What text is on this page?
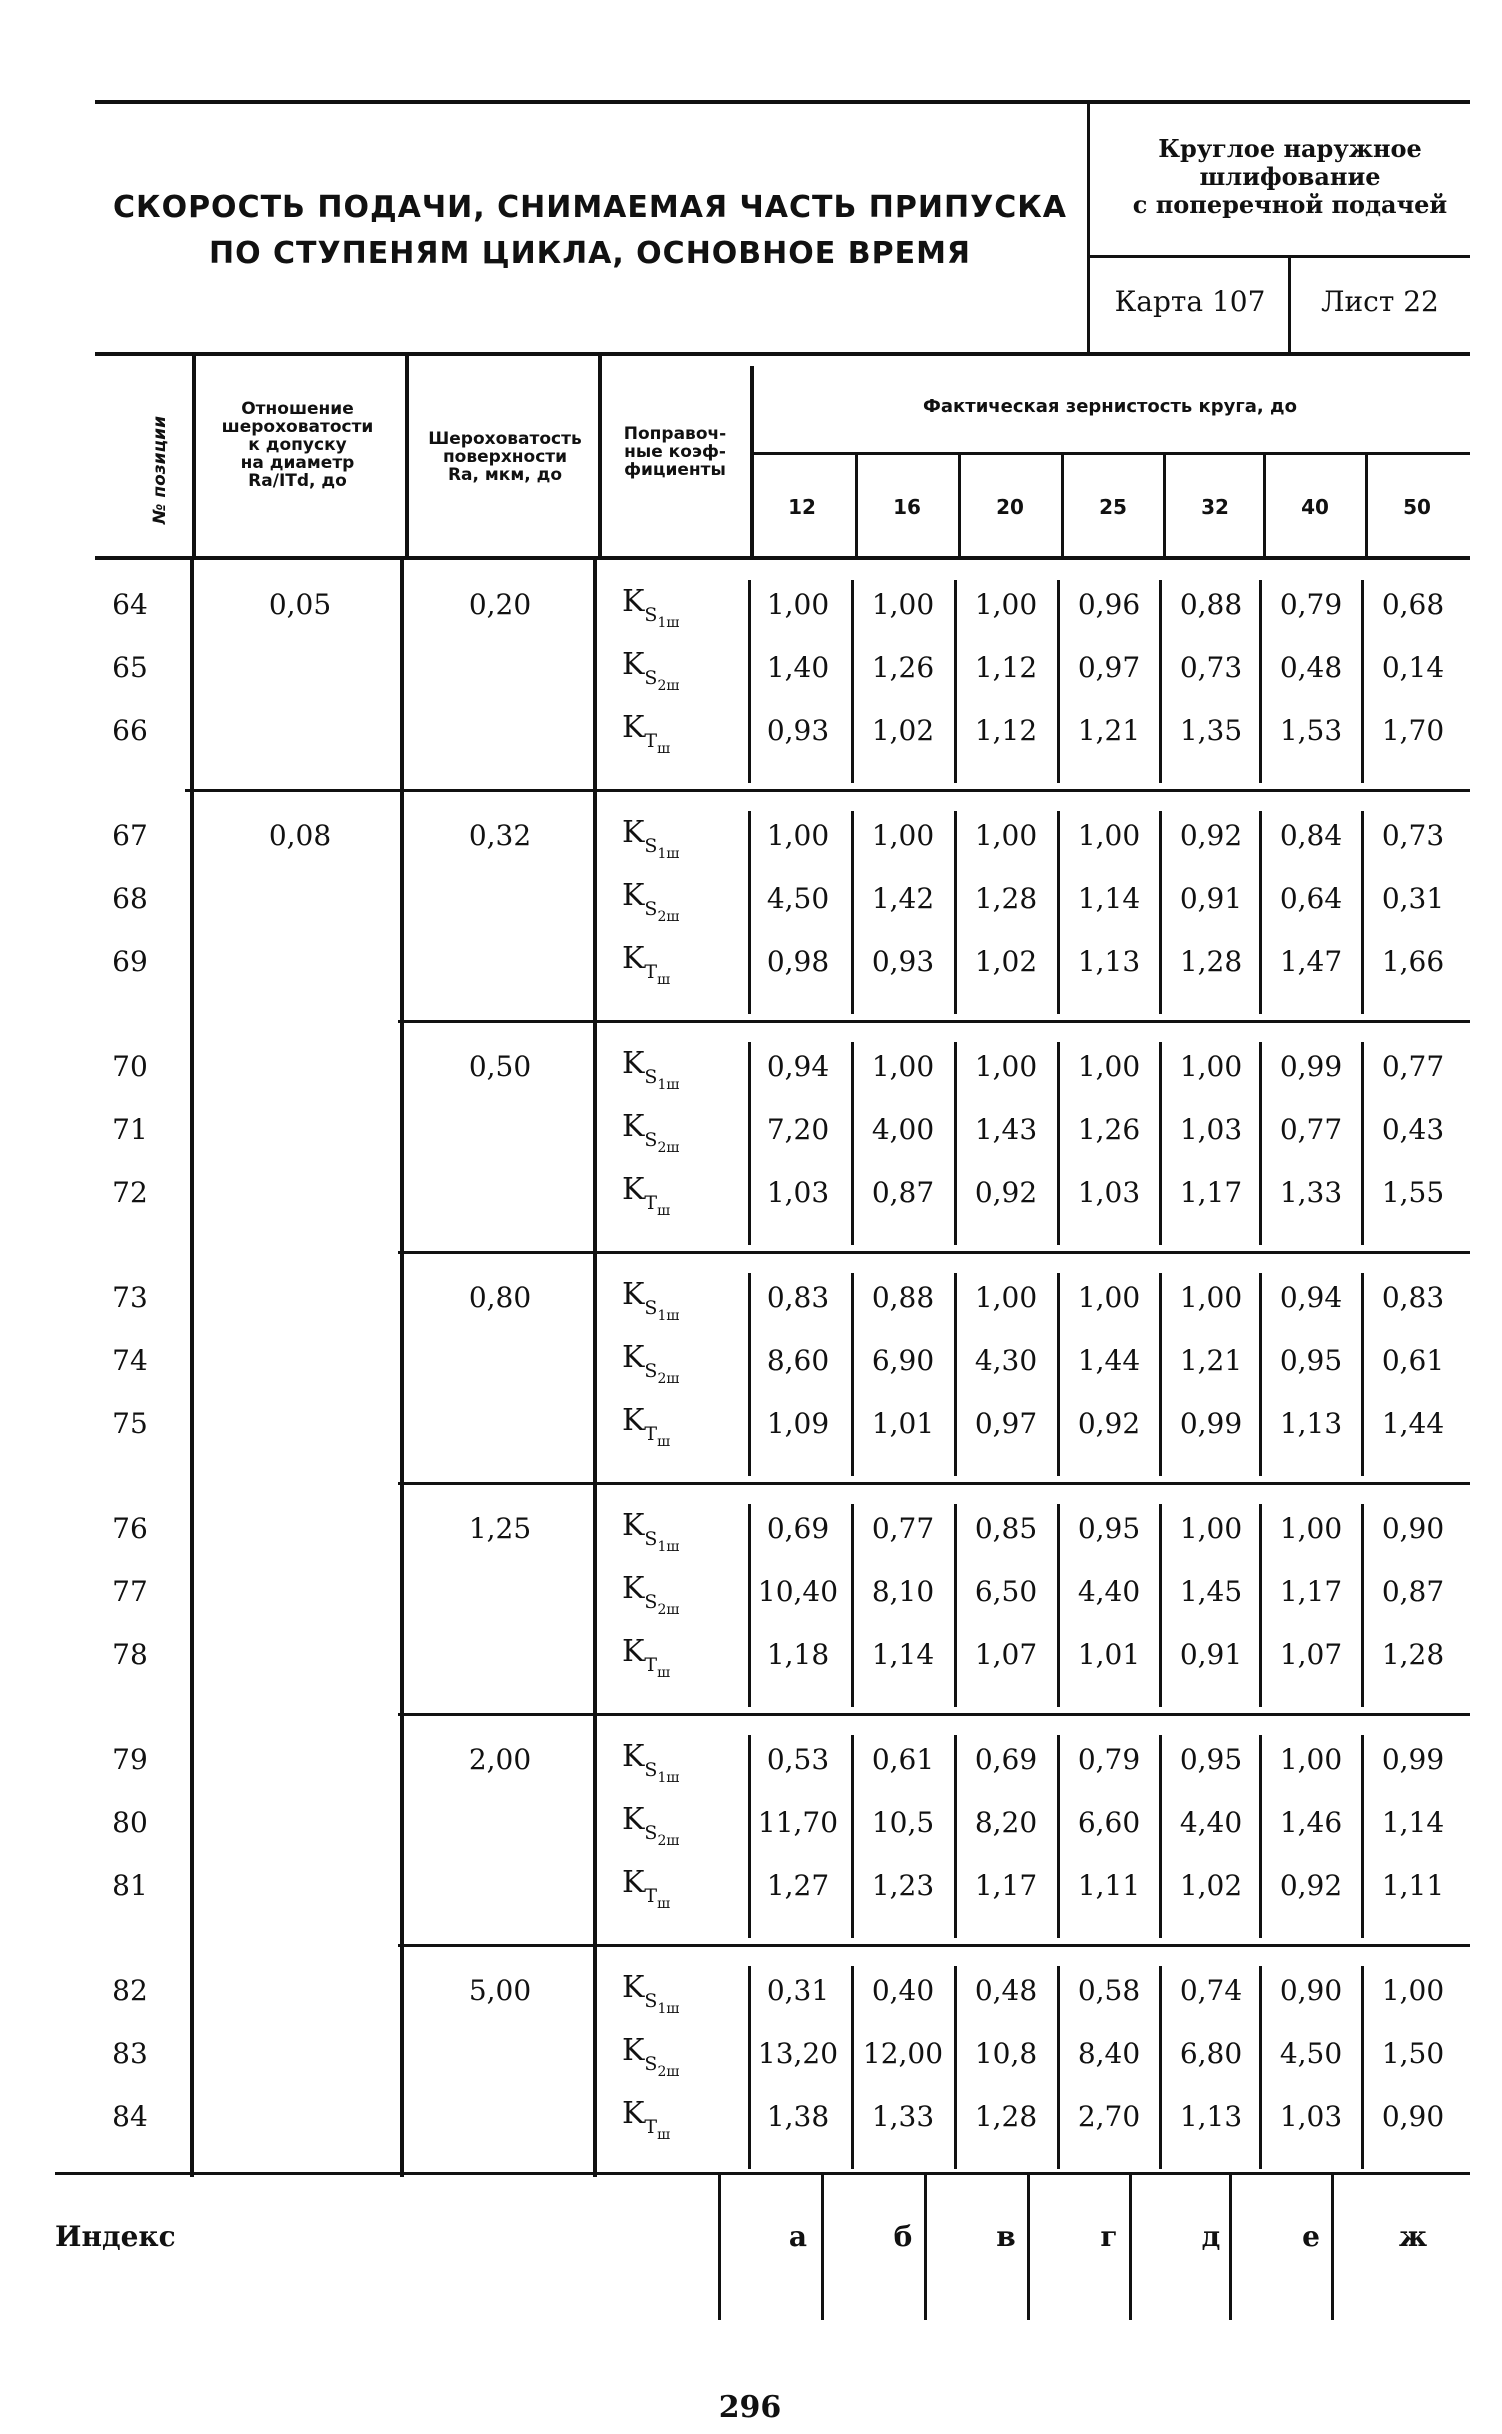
СКОРОСТЬ ПОДАЧИ, СНИМАЕМАЯ ЧАСТЬ ПРИПУСКА
ПО СТУПЕНЯМ ЦИКЛА, ОСНОВНОЕ ВРЕМЯ
Круглое наружное
шлифование
с поперечной подачей
Карта 107	Лист 22
№ позиции
Отношение
шероховатости
к допуску
на диаметр
Ra/ITd, до
Шероховатость
поверхности
Ra, мкм, до
Поправоч-
ные коэф-
фициенты
Фактическая зернистость круга, до
12	16	20	25	32	40	50
0,05	0,20
64	$K_{S_{1ш}}$
1,00	1,00	1,00	0,96	0,88	0,79	0,68
65	$K_{S_{2ш}}$
1,40	1,26	1,12	0,97	0,73	0,48	0,14
66	$K_{T_ш}$
0,93	1,02	1,12	1,21	1,35	1,53	1,70
0,08	0,32
67	$K_{S_{1ш}}$
1,00	1,00	1,00	1,00	0,92	0,84	0,73
68	$K_{S_{2ш}}$
4,50	1,42	1,28	1,14	0,91	0,64	0,31
69	$K_{T_ш}$
0,98	0,93	1,02	1,13	1,28	1,47	1,66
0,50
70	$K_{S_{1ш}}$
0,94	1,00	1,00	1,00	1,00	0,99	0,77
71	$K_{S_{2ш}}$
7,20	4,00	1,43	1,26	1,03	0,77	0,43
72	$K_{T_ш}$
1,03	0,87	0,92	1,03	1,17	1,33	1,55
0,80
73	$K_{S_{1ш}}$
0,83	0,88	1,00	1,00	1,00	0,94	0,83
74	$K_{S_{2ш}}$
8,60	6,90	4,30	1,44	1,21	0,95	0,61
75	$K_{T_ш}$
1,09	1,01	0,97	0,92	0,99	1,13	1,44
1,25
76	$K_{S_{1ш}}$
0,69	0,77	0,85	0,95	1,00	1,00	0,90
77	$K_{S_{2ш}}$
10,40	8,10	6,50	4,40	1,45	1,17	0,87
78	$K_{T_ш}$
1,18	1,14	1,07	1,01	0,91	1,07	1,28
2,00
79	$K_{S_{1ш}}$
0,53	0,61	0,69	0,79	0,95	1,00	0,99
80	$K_{S_{2ш}}$
11,70	10,5	8,20	6,60	4,40	1,46	1,14
81	$K_{T_ш}$
1,27	1,23	1,17	1,11	1,02	0,92	1,11
5,00
82	$K_{S_{1ш}}$
0,31	0,40	0,48	0,58	0,74	0,90	1,00
83	$K_{S_{2ш}}$
13,20 12,00	10,8	8,40	6,80	4,50	1,50
84	$K_{T_ш}$
1,38	1,33	1,28	2,70	1,13	1,03	0,90
Индекс	а	б	в	г	д	е	ж
296
